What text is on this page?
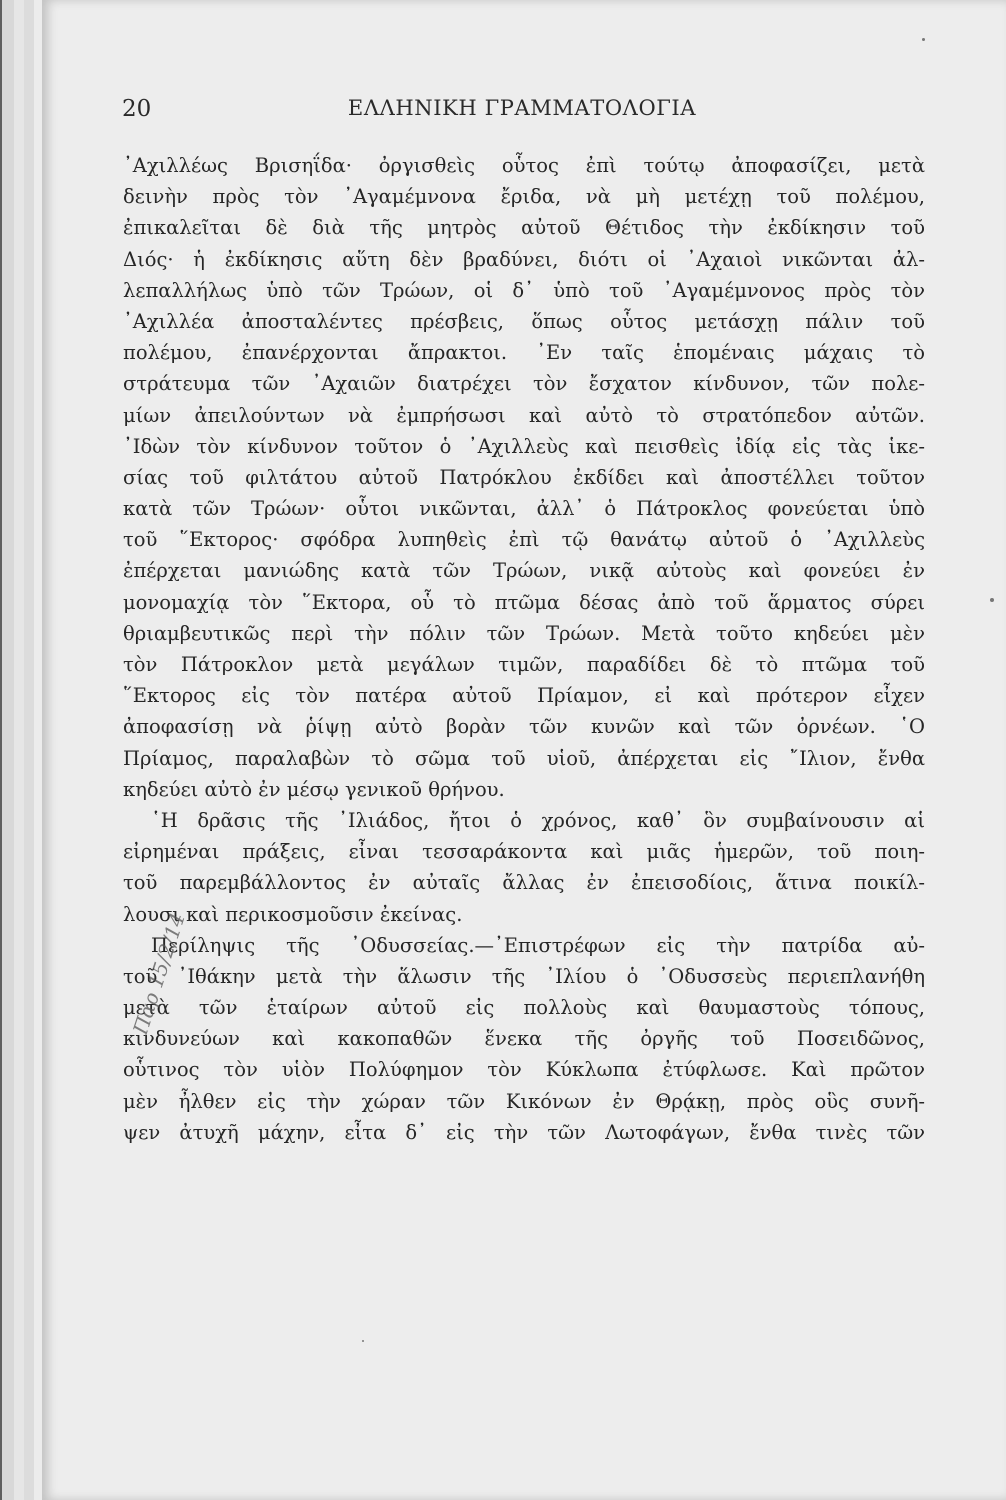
20	ΕΛΛΗΝΙΚΗ ΓΡΑΜΜΑΤΟΛΟΓΙΑ
᾿Αχιλλέως Βρισηΐδα· ὀργισθεὶς οὗτος ἐπὶ τούτῳ ἀποφασίζει, μετὰ
δεινὴν πρὸς τὸν ᾿Αγαμέμνονα ἔριδα, νὰ μὴ μετέχῃ τοῦ πολέμου,
ἐπικαλεῖται δὲ διὰ τῆς μητρὸς αὐτοῦ Θέτιδος τὴν ἐκδίκησιν τοῦ
Διός· ἡ ἐκδίκησις αὕτη δὲν βραδύνει, διότι οἱ ᾿Αχαιοὶ νικῶνται ἀλ-
λεπαλλήλως ὑπὸ τῶν Τρώων, οἱ δ᾿ ὑπὸ τοῦ ᾿Αγαμέμνονος πρὸς τὸν
᾿Αχιλλέα ἀποσταλέντες πρέσβεις, ὅπως οὗτος μετάσχῃ πάλιν τοῦ
πολέμου, ἐπανέρχονται ἄπρακτοι. ᾿Εν ταῖς ἑπομέναις μάχαις τὸ
στράτευμα τῶν ᾿Αχαιῶν διατρέχει τὸν ἔσχατον κίνδυνον, τῶν πολε-
μίων ἀπειλούντων νὰ ἐμπρήσωσι καὶ αὐτὸ τὸ στρατόπεδον αὐτῶν.
᾿Ιδὼν τὸν κίνδυνον τοῦτον ὁ ᾿Αχιλλεὺς καὶ πεισθεὶς ἰδίᾳ εἰς τὰς ἱκε-
σίας τοῦ φιλτάτου αὐτοῦ Πατρόκλου ἐκδίδει καὶ ἀποστέλλει τοῦτον
κατὰ τῶν Τρώων· οὗτοι νικῶνται, ἀλλ᾿ ὁ Πάτροκλος φονεύεται ὑπὸ
τοῦ ῞Εκτορος· σφόδρα λυπηθεὶς ἐπὶ τῷ θανάτῳ αὐτοῦ ὁ ᾿Αχιλλεὺς
ἐπέρχεται μανιώδης κατὰ τῶν Τρώων, νικᾷ αὐτοὺς καὶ φονεύει ἐν
μονομαχίᾳ τὸν ῞Εκτορα, οὗ τὸ πτῶμα δέσας ἀπὸ τοῦ ἅρματος σύρει
θριαμβευτικῶς περὶ τὴν πόλιν τῶν Τρώων. Μετὰ τοῦτο κηδεύει μὲν
τὸν Πάτροκλον μετὰ μεγάλων τιμῶν, παραδίδει δὲ τὸ πτῶμα τοῦ
῞Εκτορος εἰς τὸν πατέρα αὐτοῦ Πρίαμον, εἰ καὶ πρότερον εἶχεν
ἀποφασίσῃ νὰ ῥίψῃ αὐτὸ βορὰν τῶν κυνῶν καὶ τῶν ὀρνέων. ῾Ο
Πρίαμος, παραλαβὼν τὸ σῶμα τοῦ υἱοῦ, ἀπέρχεται εἰς ῎Ιλιον, ἔνθα
κηδεύει αὐτὸ ἐν μέσῳ γενικοῦ θρήνου.
῾Η δρᾶσις τῆς ᾿Ιλιάδος, ἤτοι ὁ χρόνος, καθ᾿ ὃν συμβαίνουσιν αἱ
εἰρημέναι πράξεις, εἶναι τεσσαράκοντα καὶ μιᾶς ἡμερῶν, τοῦ ποιη-
τοῦ παρεμβάλλοντος ἐν αὐταῖς ἄλλας ἐν ἐπεισοδίοις, ἅτινα ποικίλ-
λουσι καὶ περικοσμοῦσιν ἐκείνας.
Περίληψις τῆς ᾿Οδυσσείας.—᾿Επιστρέφων εἰς τὴν πατρίδα αὐ-
τοῦ ᾿Ιθάκην μετὰ τὴν ἅλωσιν τῆς ᾿Ιλίου ὁ ᾿Οδυσσεὺς περιεπλανήθη
μετὰ τῶν ἑταίρων αὐτοῦ εἰς πολλοὺς καὶ θαυμαστοὺς τόπους,
κινδυνεύων καὶ κακοπαθῶν ἕνεκα τῆς ὀργῆς τοῦ Ποσειδῶνος,
οὗτινος τὸν υἱὸν Πολύφημον τὸν Κύκλωπα ἐτύφλωσε. Καὶ πρῶτον
μὲν ἦλθεν εἰς τὴν χώραν τῶν Κικόνων ἐν Θρᾴκῃ, πρὸς οὓς συνῆ-
ψεν ἀτυχῆ μάχην, εἶτα δ᾿ εἰς τὴν τῶν Λωτοφάγων, ἔνθα τινὲς τῶν
Παρ 15/2/14
